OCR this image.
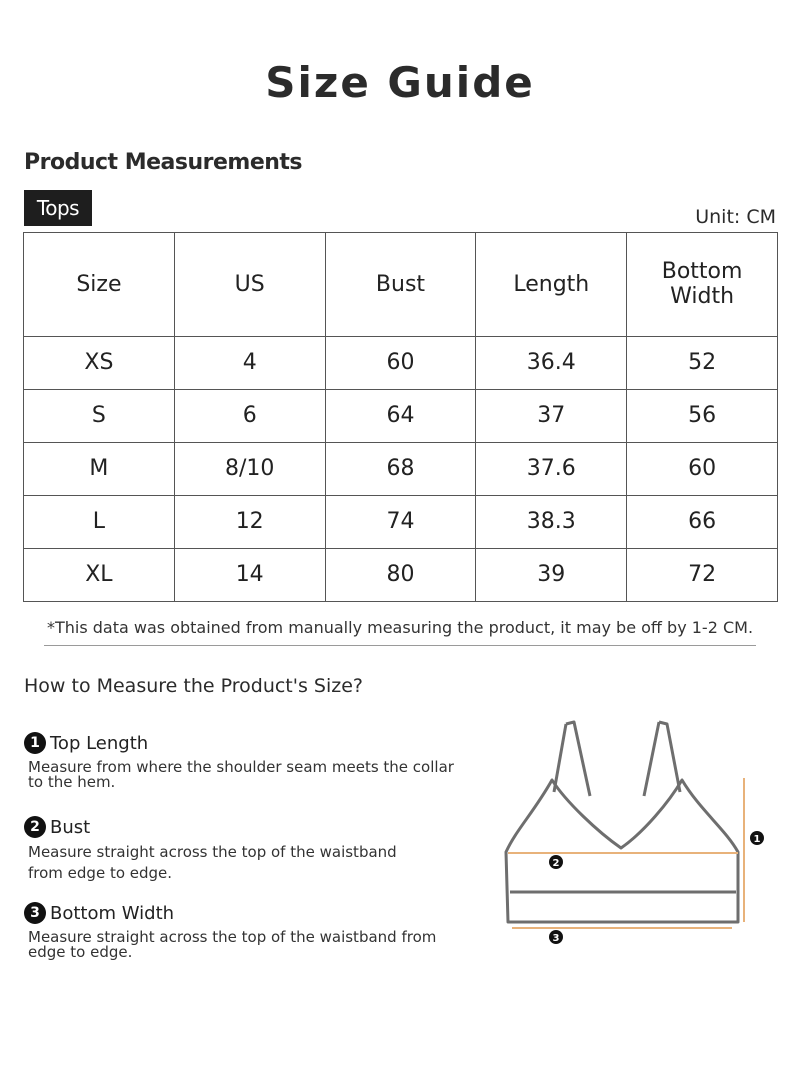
Size Guide
Product Measurements
Tops	Unit: CM
Size	US	Bust	Length	Bottom Width
XS	4	60	36.4	52
S	6	64	37	56
M	8/10	68	37.6	60
L	12	74	38.3	66
XL	14	80	39	72
*This data was obtained from manually measuring the product, it may be off by 1-2 CM.
How to Measure the Product's Size?
1 Top Length
Measure from where the shoulder seam meets the collar to the hem.
2 Bust
Measure straight across the top of the waistband from edge to edge.
3 Bottom Width
Measure straight across the top of the waistband from edge to edge.
2
3
1
